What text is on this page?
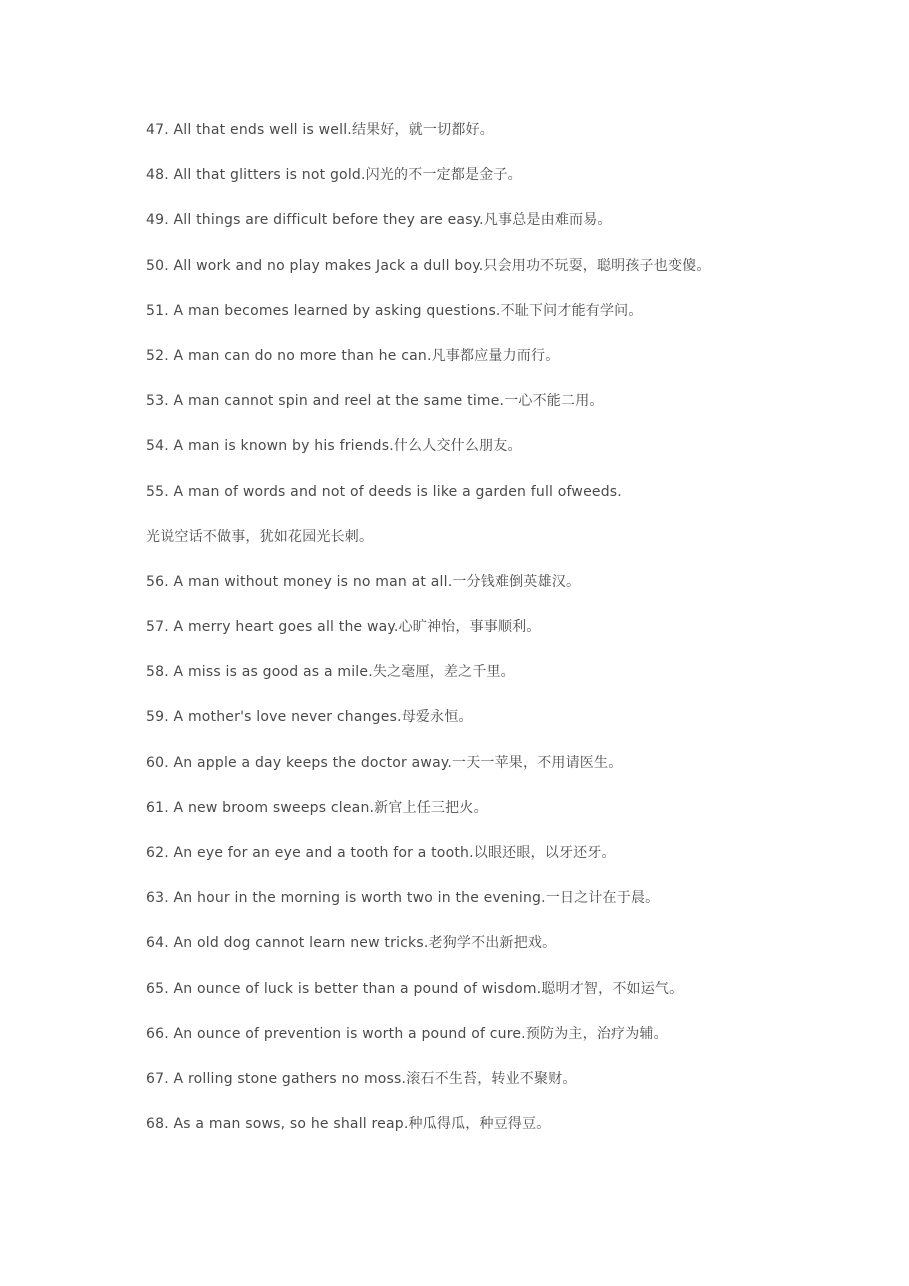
47. All that ends well is well.结果好，就一切都好。
48. All that glitters is not gold.闪光的不一定都是金子。
49. All things are difficult before they are easy.凡事总是由难而易。
50. All work and no play makes Jack a dull boy.只会用功不玩耍，聪明孩子也变傻。
51. A man becomes learned by asking questions.不耻下问才能有学问。
52. A man can do no more than he can.凡事都应量力而行。
53. A man cannot spin and reel at the same time.一心不能二用。
54. A man is known by his friends.什么人交什么朋友。
55. A man of words and not of deeds is like a garden full ofweeds.
光说空话不做事，犹如花园光长刺。
56. A man without money is no man at all.一分钱难倒英雄汉。
57. A merry heart goes all the way.心旷神怡，事事顺利。
58. A miss is as good as a mile.失之毫厘，差之千里。
59. A mother's love never changes.母爱永恒。
60. An apple a day keeps the doctor away.一天一苹果，不用请医生。
61. A new broom sweeps clean.新官上任三把火。
62. An eye for an eye and a tooth for a tooth.以眼还眼，以牙还牙。
63. An hour in the morning is worth two in the evening.一日之计在于晨。
64. An old dog cannot learn new tricks.老狗学不出新把戏。
65. An ounce of luck is better than a pound of wisdom.聪明才智，不如运气。
66. An ounce of prevention is worth a pound of cure.预防为主，治疗为辅。
67. A rolling stone gathers no moss.滚石不生苔，转业不聚财。
68. As a man sows, so he shall reap.种瓜得瓜，种豆得豆。
